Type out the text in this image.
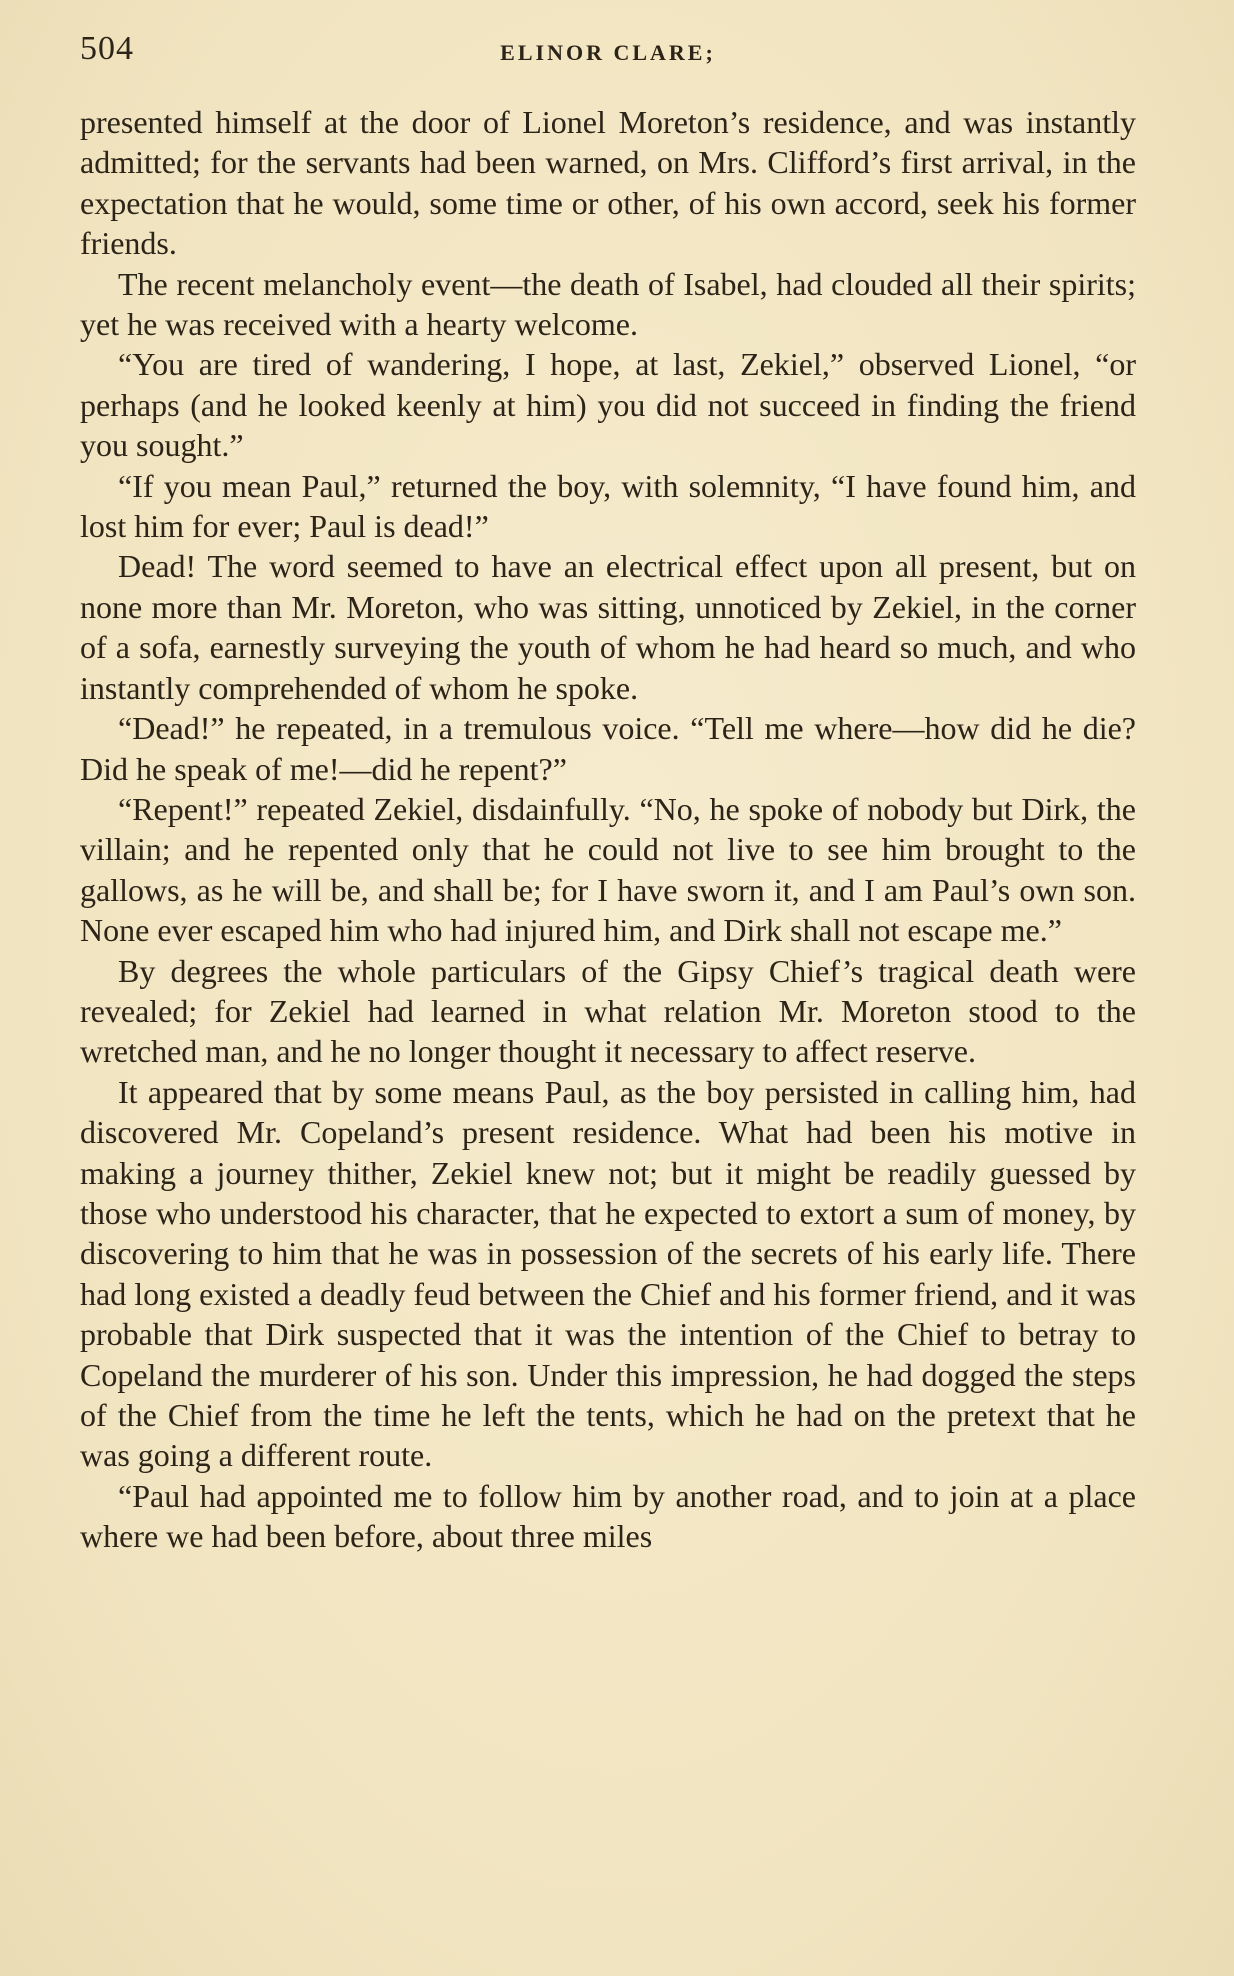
504	ELINOR CLARE;

presented himself at the door of Lionel Moreton’s residence, and was instantly admitted; for the servants had been warned, on Mrs. Clifford’s first arrival, in the expectation that he would, some time or other, of his own accord, seek his former friends.

The recent melancholy event—the death of Isabel, had clouded all their spirits; yet he was received with a hearty welcome.

“You are tired of wandering, I hope, at last, Zekiel,” observed Lionel, “or perhaps (and he looked keenly at him) you did not succeed in finding the friend you sought.”

“If you mean Paul,” returned the boy, with solemnity, “I have found him, and lost him for ever; Paul is dead!”

Dead! The word seemed to have an electrical effect upon all present, but on none more than Mr. Moreton, who was sitting, unnoticed by Zekiel, in the corner of a sofa, earnestly surveying the youth of whom he had heard so much, and who instantly comprehended of whom he spoke.

“Dead!” he repeated, in a tremulous voice. “Tell me where—how did he die? Did he speak of me!—did he repent?”

“Repent!” repeated Zekiel, disdainfully. “No, he spoke of nobody but Dirk, the villain; and he repented only that he could not live to see him brought to the gallows, as he will be, and shall be; for I have sworn it, and I am Paul’s own son. None ever escaped him who had injured him, and Dirk shall not escape me.”

By degrees the whole particulars of the Gipsy Chief’s tragical death were revealed; for Zekiel had learned in what relation Mr. Moreton stood to the wretched man, and he no longer thought it necessary to affect reserve.

It appeared that by some means Paul, as the boy persisted in calling him, had discovered Mr. Copeland’s present residence. What had been his motive in making a journey thither, Zekiel knew not; but it might be readily guessed by those who understood his character, that he expected to extort a sum of money, by discovering to him that he was in possession of the secrets of his early life. There had long existed a deadly feud between the Chief and his former friend, and it was probable that Dirk suspected that it was the intention of the Chief to betray to Copeland the murderer of his son. Under this impression, he had dogged the steps of the Chief from the time he left the tents, which he had on the pretext that he was going a different route.

“Paul had appointed me to follow him by another road, and to join at a place where we had been before, about three miles
